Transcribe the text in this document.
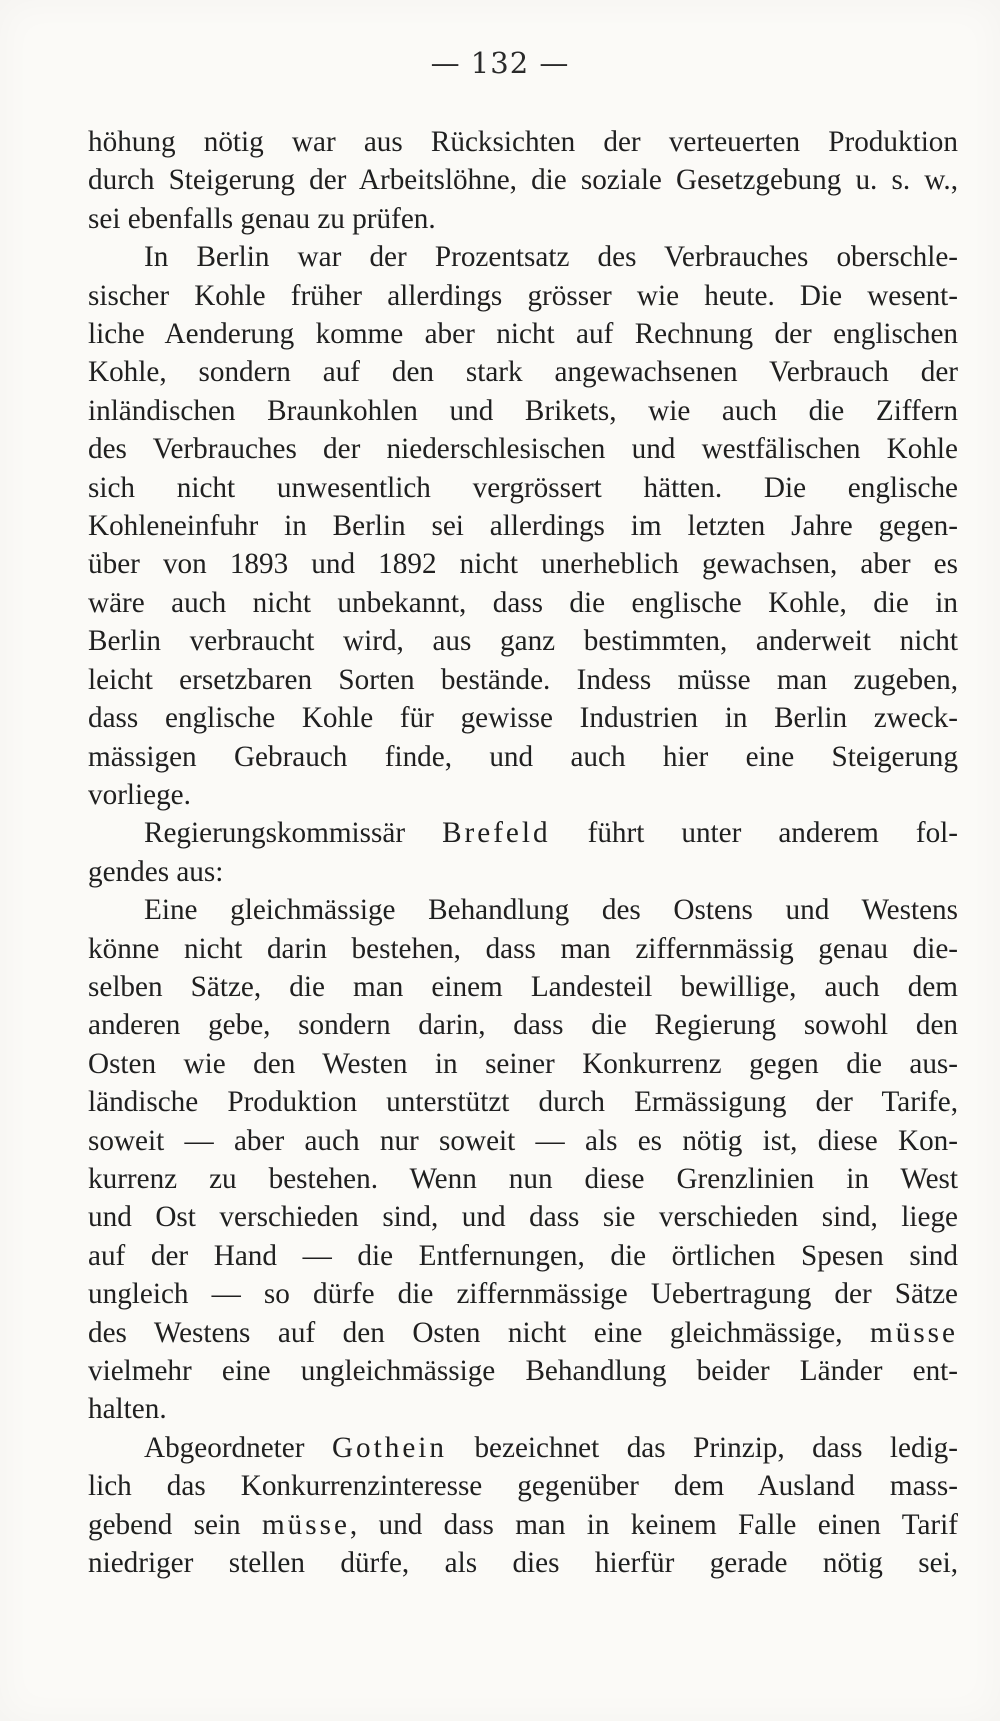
— 132 —
höhung nötig war aus Rücksichten der verteuerten Produktion
durch Steigerung der Arbeitslöhne, die soziale Gesetzgebung u. s. w.,
sei ebenfalls genau zu prüfen.
In Berlin war der Prozentsatz des Verbrauches oberschle-
sischer Kohle früher allerdings grösser wie heute. Die wesent-
liche Aenderung komme aber nicht auf Rechnung der englischen
Kohle, sondern auf den stark angewachsenen Verbrauch der
inländischen Braunkohlen und Brikets, wie auch die Ziffern
des Verbrauches der niederschlesischen und westfälischen Kohle
sich nicht unwesentlich vergrössert hätten. Die englische
Kohleneinfuhr in Berlin sei allerdings im letzten Jahre gegen-
über von 1893 und 1892 nicht unerheblich gewachsen, aber es
wäre auch nicht unbekannt, dass die englische Kohle, die in
Berlin verbraucht wird, aus ganz bestimmten, anderweit nicht
leicht ersetzbaren Sorten bestände. Indess müsse man zugeben,
dass englische Kohle für gewisse Industrien in Berlin zweck-
mässigen Gebrauch finde, und auch hier eine Steigerung
vorliege.
Regierungskommissär Brefeld führt unter anderem fol-
gendes aus:
Eine gleichmässige Behandlung des Ostens und Westens
könne nicht darin bestehen, dass man ziffernmässig genau die-
selben Sätze, die man einem Landesteil bewillige, auch dem
anderen gebe, sondern darin, dass die Regierung sowohl den
Osten wie den Westen in seiner Konkurrenz gegen die aus-
ländische Produktion unterstützt durch Ermässigung der Tarife,
soweit — aber auch nur soweit — als es nötig ist, diese Kon-
kurrenz zu bestehen. Wenn nun diese Grenzlinien in West
und Ost verschieden sind, und dass sie verschieden sind, liege
auf der Hand — die Entfernungen, die örtlichen Spesen sind
ungleich — so dürfe die ziffernmässige Uebertragung der Sätze
des Westens auf den Osten nicht eine gleichmässige, müsse
vielmehr eine ungleichmässige Behandlung beider Länder ent-
halten.
Abgeordneter Gothein bezeichnet das Prinzip, dass ledig-
lich das Konkurrenzinteresse gegenüber dem Ausland mass-
gebend sein müsse, und dass man in keinem Falle einen Tarif
niedriger stellen dürfe, als dies hierfür gerade nötig sei,
